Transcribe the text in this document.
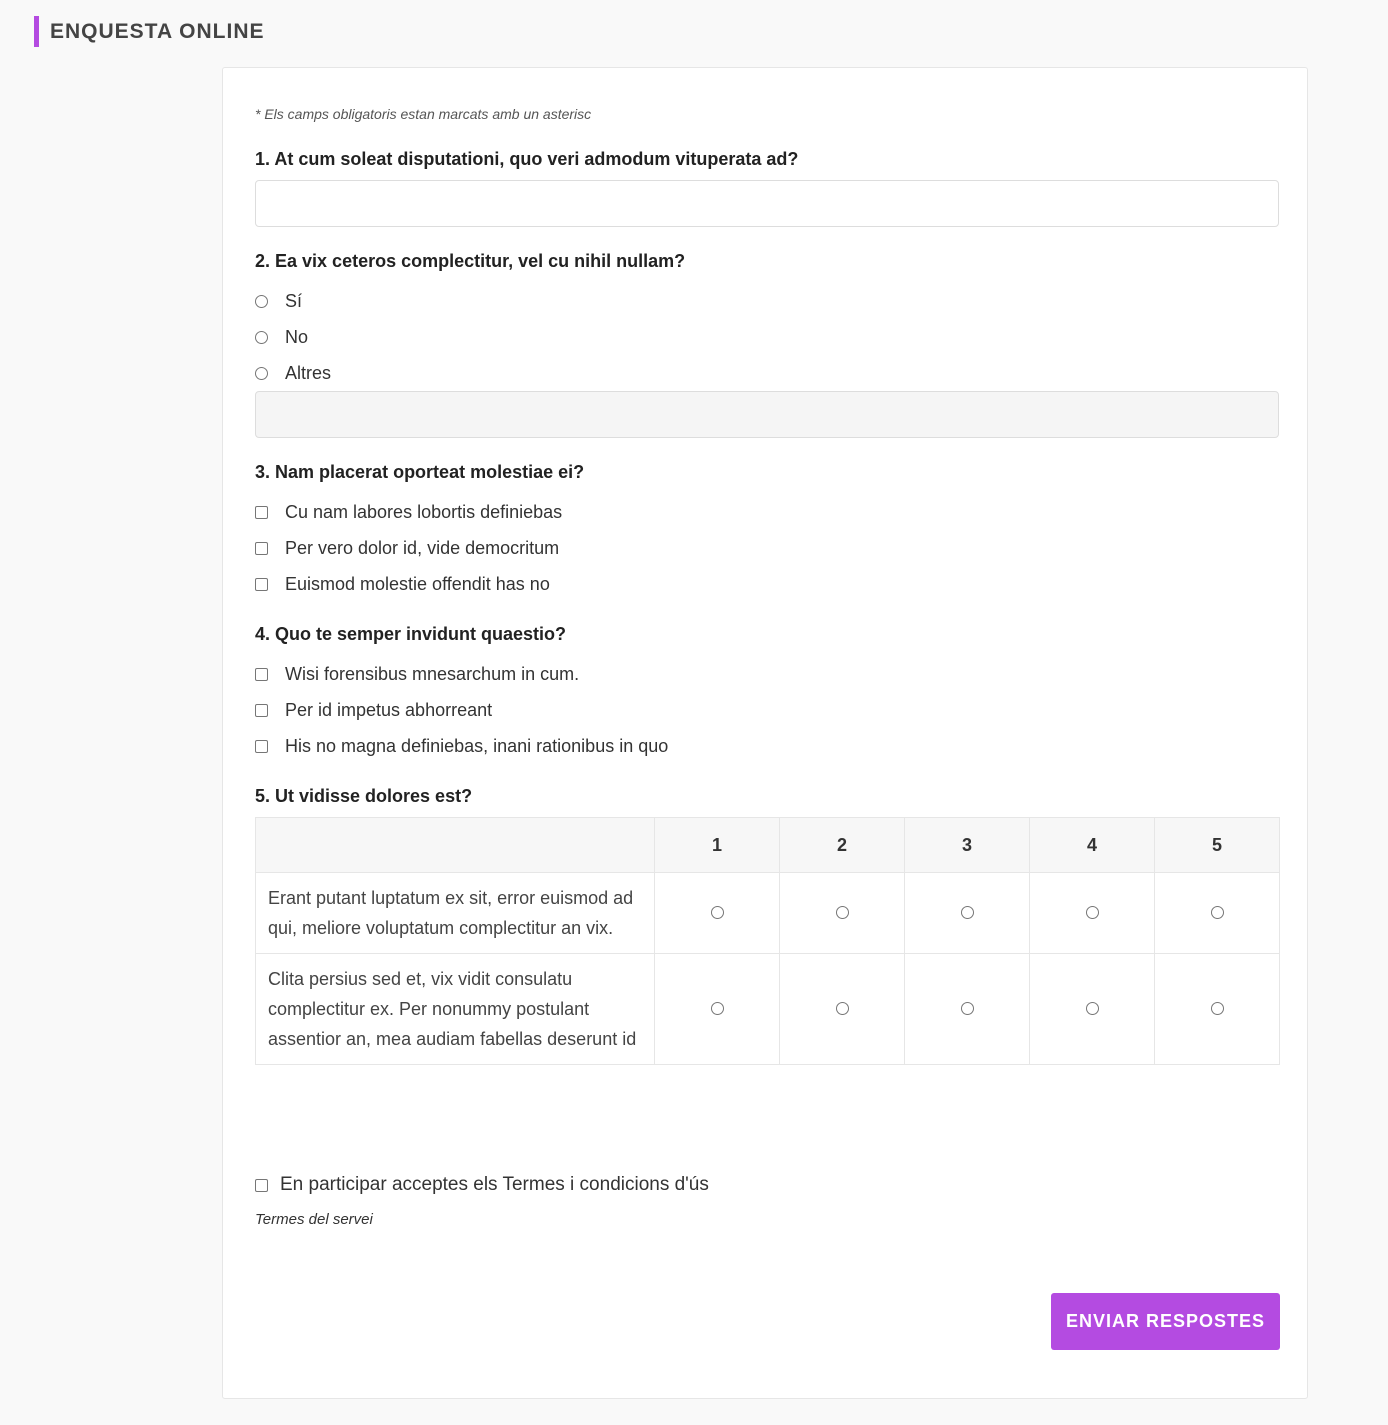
ENQUESTA ONLINE
* Els camps obligatoris estan marcats amb un asterisc
1. At cum soleat disputationi, quo veri admodum vituperata ad?
2. Ea vix ceteros complectitur, vel cu nihil nullam?
Sí
No
Altres
3. Nam placerat oporteat molestiae ei?
Cu nam labores lobortis definiebas
Per vero dolor id, vide democritum
Euismod molestie offendit has no
4. Quo te semper invidunt quaestio?
Wisi forensibus mnesarchum in cum.
Per id impetus abhorreant
His no magna definiebas, inani rationibus in quo
5. Ut vidisse dolores est?
	1	2	3	4	5
Erant putant luptatum ex sit, error euismod ad qui, meliore voluptatum complectitur an vix.					
Clita persius sed et, vix vidit consulatu complectitur ex. Per nonummy postulant assentior an, mea audiam fabellas deserunt id					
En participar acceptes els Termes i condicions d'ús
Termes del servei
ENVIAR RESPOSTES
